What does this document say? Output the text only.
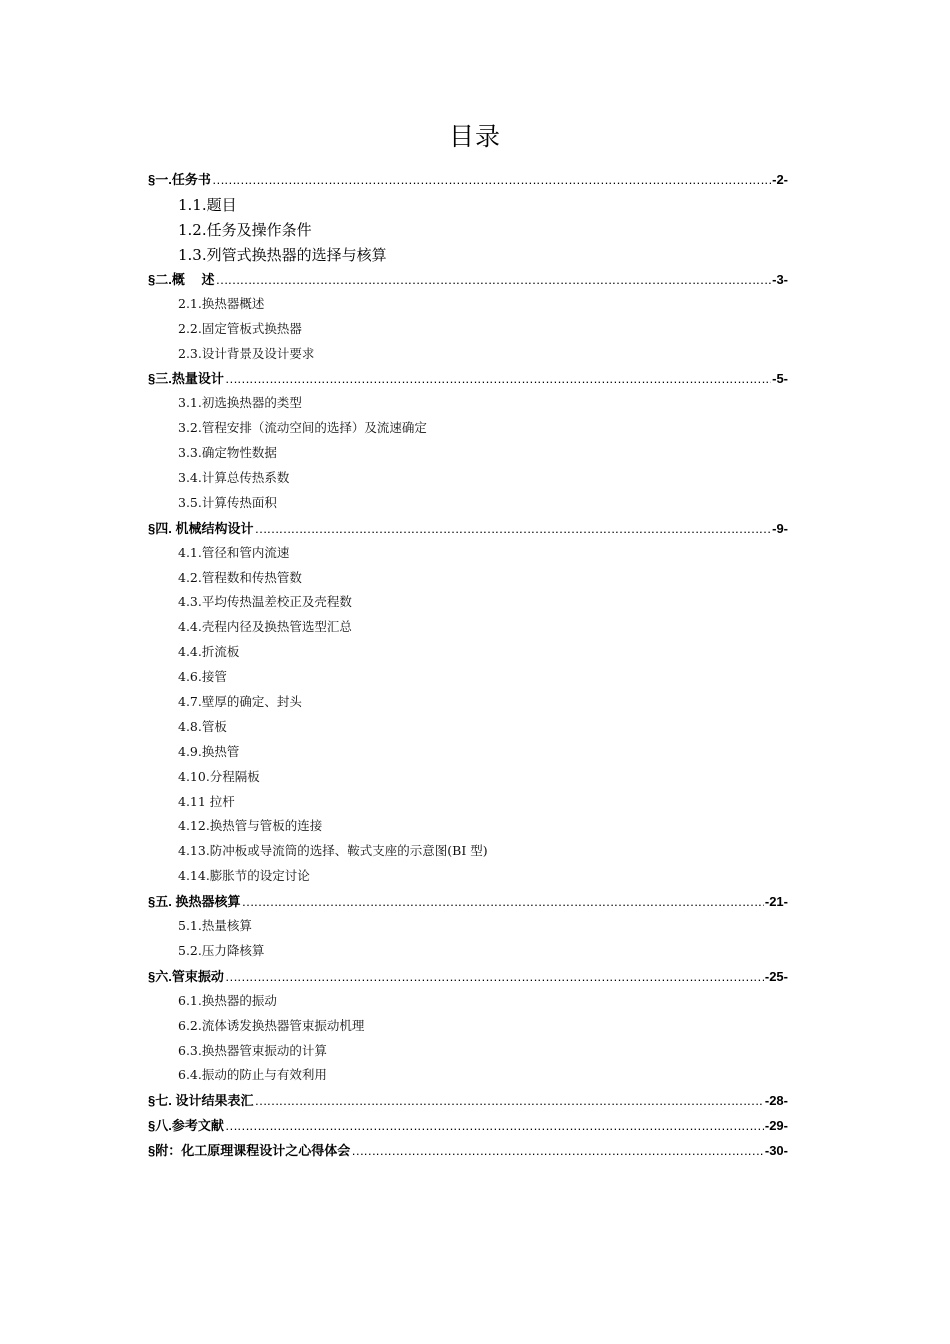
目录
§一.任务书 ……………………………………………………………………………………………………………………………………………………………………………………………………………………………………………………	-2-
1.1.题目
1.2.任务及操作条件
1.3.列管式换热器的选择与核算
§二.概　 述 ……………………………………………………………………………………………………………………………………………………………………………………………………………………………………………………	-3-
2.1.换热器概述
2.2.固定管板式换热器
2.3.设计背景及设计要求
§三.热量设计 ……………………………………………………………………………………………………………………………………………………………………………………………………………………………………………………	-5-
3.1.初选换热器的类型
3.2.管程安排（流动空间的选择）及流速确定
3.3.确定物性数据
3.4.计算总传热系数
3.5.计算传热面积
§四. 机械结构设计 ……………………………………………………………………………………………………………………………………………………………………………………………………………………………………………………	-9-
4.1.管径和管内流速
4.2.管程数和传热管数
4.3.平均传热温差校正及壳程数
4.4.壳程内径及换热管选型汇总
4.4.折流板
4.6.接管
4.7.壁厚的确定、封头
4.8.管板
4.9.换热管
4.10.分程隔板
4.11 拉杆
4.12.换热管与管板的连接
4.13.防冲板或导流筒的选择、鞍式支座的示意图(BI 型)
4.14.膨胀节的设定讨论
§五. 换热器核算 ……………………………………………………………………………………………………………………………………………………………………………………………………………………………………………………	-21-
5.1.热量核算
5.2.压力降核算
§六.管束振动 ……………………………………………………………………………………………………………………………………………………………………………………………………………………………………………………	-25-
6.1.换热器的振动
6.2.流体诱发换热器管束振动机理
6.3.换热器管束振动的计算
6.4.振动的防止与有效利用
§七. 设计结果表汇 ……………………………………………………………………………………………………………………………………………………………………………………………………………………………………………………	-28-
§八.参考文献 ……………………………………………………………………………………………………………………………………………………………………………………………………………………………………………………	-29-
§附：化工原理课程设计之心得体会 ……………………………………………………………………………………………………………………………………………………………………………………………………………………………………………………	-30-
